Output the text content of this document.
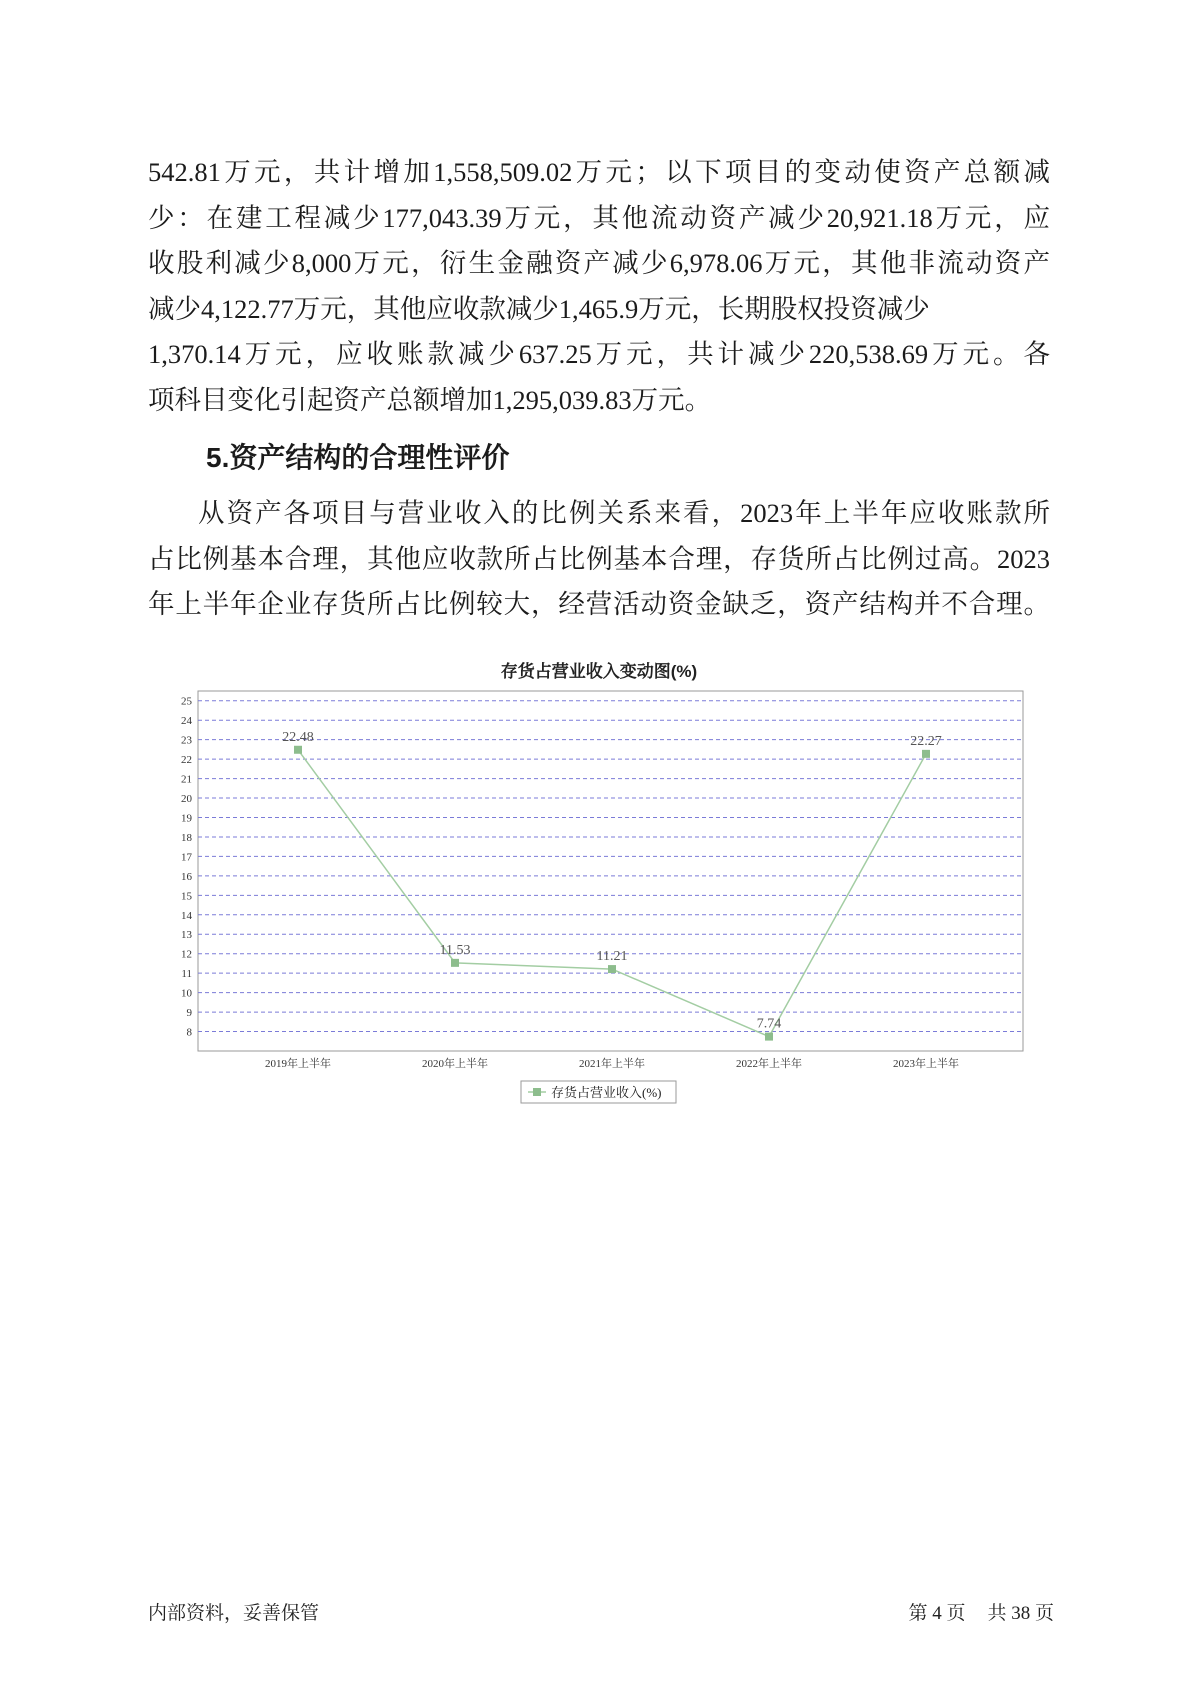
542.81万元，共计增加1,558,509.02万元；以下项目的变动使资产总额减
少：在建工程减少177,043.39万元，其他流动资产减少20,921.18万元，应
收股利减少8,000万元，衍生金融资产减少6,978.06万元，其他非流动资产
减少4,122.77万元，其他应收款减少1,465.9万元，长期股权投资减少
1,370.14万元，应收账款减少637.25万元，共计减少220,538.69万元。各
项科目变化引起资产总额增加1,295,039.83万元。
5.资产结构的合理性评价
从资产各项目与营业收入的比例关系来看，2023年上半年应收账款所
占比例基本合理，其他应收款所占比例基本合理，存货所占比例过高。2023
年上半年企业存货所占比例较大，经营活动资金缺乏，资产结构并不合理。
存货占营业收入变动图(%)
8
9
10
11
12
13
14
15
16
17
18
19
20
21
22
23
24
25
2019年上半年	2020年上半年	2021年上半年	2022年上半年	2023年上半年
22.48
11.53	11.21
7.74
22.27
存货占营业收入(%)
内部资料，妥善保管	第 4 页 共 38 页
